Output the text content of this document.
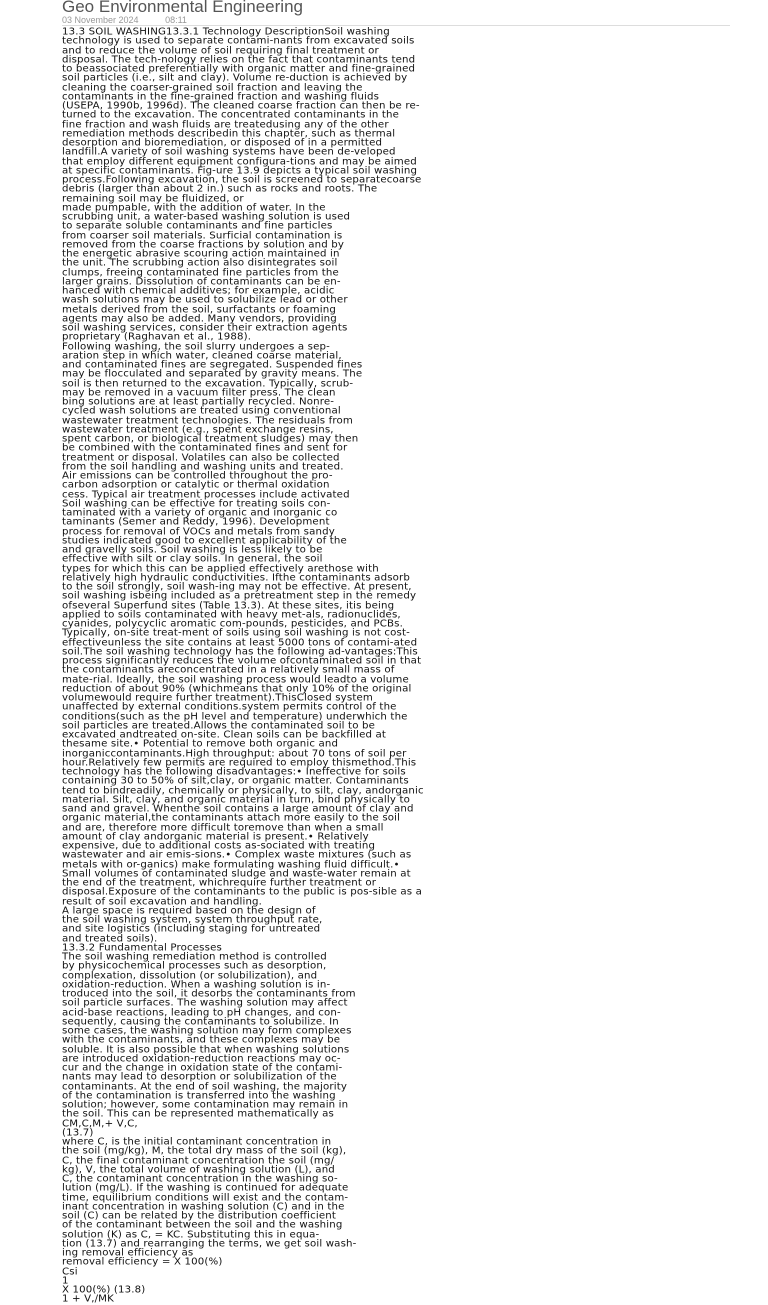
Geo Environmental Engineering
03 November 2024	08:11
13.3 SOIL WASHING13.3.1 Technology DescriptionSoil washing
technology is used to separate contami-nants from excavated soils
and to reduce the volume of soil requiring final treatment or
disposal. The tech-nology relies on the fact that contaminants tend
to beassociated preferentially with organic matter and fine-grained
soil particles (i.e., silt and clay). Volume re-duction is achieved by
cleaning the coarser-grained soil fraction and leaving the
contaminants in the fine-grained fraction and washing fluids
(USEPA, 1990b, 1996d). The cleaned coarse fraction can then be re-
turned to the excavation. The concentrated contaminants in the
fine fraction and wash fluids are treatedusing any of the other
remediation methods describedin this chapter, such as thermal
desorption and bioremediation, or disposed of in a permitted
landfill.A variety of soil washing systems have been de-veloped
that employ different equipment configura-tions and may be aimed
at specific contaminants. Fig-ure 13.9 depicts a typical soil washing
process.Following excavation, the soil is screened to separatecoarse
debris (larger than about 2 in.) such as rocks and roots. The
remaining soil may be fluidized, or
made pumpable, with the addition of water. In the
scrubbing unit, a water-based washing solution is used
to separate soluble contaminants and fine particles
from coarser soil materials. Surficial contamination is
removed from the coarse fractions by solution and by
the energetic abrasive scouring action maintained in
the unit. The scrubbing action also disintegrates soil
clumps, freeing contaminated fine particles from the
larger grains. Dissolution of contaminants can be en-
hanced with chemical additives; for example, acidic
wash solutions may be used to solubilize lead or other
metals derived from the soil, surfactants or foaming
agents may also be added. Many vendors, providing
soil washing services, consider their extraction agents
proprietary (Raghavan et al., 1988).
Following washing, the soil slurry undergoes a sep-
aration step in which water, cleaned coarse material,
and contaminated fines are segregated. Suspended fines
may be flocculated and separated by gravity means. The
soil is then returned to the excavation. Typically, scrub-
may be removed in a vacuum filter press. The clean
bing solutions are at least partially recycled. Nonre-
cycled wash solutions are treated using conventional
wastewater treatment technologies. The residuals from
wastewater treatment (e.g., spent exchange resins,
spent carbon, or biological treatment sludges) may then
be combined with the contaminated fines and sent for
treatment or disposal. Volatiles can also be collected
from the soil handling and washing units and treated.
Air emissions can be controlled throughout the pro-
carbon adsorption or catalytic or thermal oxidation
cess. Typical air treatment processes include activated
Soil washing can be effective for treating soils con-
taminated with a variety of organic and inorganic co
taminants (Semer and Reddy, 1996). Development
process for removal of VOCs and metals from sandy
studies indicated good to excellent applicability of the
and gravelly soils. Soil washing is less likely to be
effective with silt or clay soils. In general, the soil
types for which this can be applied effectively arethose with
relatively high hydraulic conductivities. Ifthe contaminants adsorb
to the soil strongly, soil wash-ing may not be effective. At present,
soil washing isbeing included as a pretreatment step in the remedy
ofseveral Superfund sites (Table 13.3). At these sites, itis being
applied to soils contaminated with heavy met-als, radionuclides,
cyanides, polycyclic aromatic com-pounds, pesticides, and PCBs.
Typically, on-site treat-ment of soils using soil washing is not cost-
effectiveunless the site contains at least 5000 tons of contami-ated
soil.The soil washing technology has the following ad-vantages:This
process significantly reduces the volume ofcontaminated soil in that
the contaminants areconcentrated in a relatively small mass of
mate-rial. Ideally, the soil washing process would leadto a volume
reduction of about 90% (whichmeans that only 10% of the original
volumewould require further treatment).ThisClosed system
unaffected by external conditions.system permits control of the
conditions(such as the pH level and temperature) underwhich the
soil particles are treated.Allows the contaminated soil to be
excavated andtreated on-site. Clean soils can be backfilled at
thesame site.• Potential to remove both organic and
inorganiccontaminants.High throughput: about 70 tons of soil per
hour.Relatively few permits are required to employ thismethod.This
technology has the following disadvantages:• Ineffective for soils
containing 30 to 50% of silt,clay, or organic matter. Contaminants
tend to bindreadily, chemically or physically, to silt, clay, andorganic
material. Silt, clay, and organic material in turn, bind physically to
sand and gravel. Whenthe soil contains a large amount of clay and
organic material,the contaminants attach more easily to the soil
and are, therefore more difficult toremove than when a small
amount of clay andorganic material is present.• Relatively
expensive, due to additional costs as-sociated with treating
wastewater and air emis-sions.• Complex waste mixtures (such as
metals with or-ganics) make formulating washing fluid difficult.•
Small volumes of contaminated sludge and waste-water remain at
the end of the treatment, whichrequire further treatment or
disposal.Exposure of the contaminants to the public is pos-sible as a
result of soil excavation and handling.
A large space is required based on the design of
the soil washing system, system throughput rate,
and site logistics (including staging for untreated
and treated soils).
13.3.2 Fundamental Processes
The soil washing remediation method is controlled
by physicochemical processes such as desorption,
complexation, dissolution (or solubilization), and
oxidation-reduction. When a washing solution is in-
troduced into the soil, it desorbs the contaminants from
soil particle surfaces. The washing solution may affect
acid-base reactions, leading to pH changes, and con-
sequently, causing the contaminants to solubilize. In
some cases, the washing solution may form complexes
with the contaminants, and these complexes may be
soluble. It is also possible that when washing solutions
are introduced oxidation-reduction reactions may oc-
cur and the change in oxidation state of the contami-
nants may lead to desorption or solubilization of the
contaminants. At the end of soil washing, the majority
of the contamination is transferred into the washing
solution; however, some contamination may remain in
the soil. This can be represented mathematically as
CM,C,M,+ V,C,
(13.7)
where C, is the initial contaminant concentration in
the soil (mg/kg), M, the total dry mass of the soil (kg),
C, the final contaminant concentration the soil (mg/
kg), V, the total volume of washing solution (L), and
C, the contaminant concentration in the washing so-
lution (mg/L). If the washing is continued for adequate
time, equilibrium conditions will exist and the contam-
inant concentration in washing solution (C) and in the
soil (C) can be related by the distribution coefficient
of the contaminant between the soil and the washing
solution (K) as C, = KC. Substituting this in equa-
tion (13.7) and rearranging the terms, we get soil wash-
ing removal efficiency as
removal efficiency = X 100(%)
Csi
1
X 100(%) (13.8)
1 + V,/MK
